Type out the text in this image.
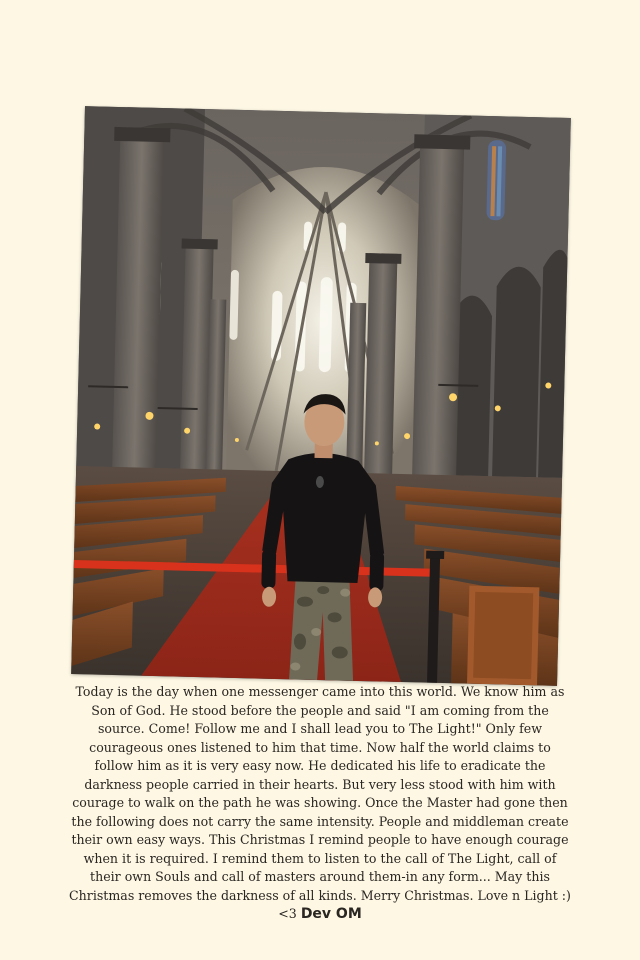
Today is the day when one messenger came into this world. We know him as Son of God. He stood before the people and said "I am coming from the source. Come! Follow me and I shall lead you to The Light!" Only few courageous ones listened to him that time. Now half the world claims to follow him as it is very easy now. He dedicated his life to eradicate the darkness people carried in their hearts. But very less stood with him with courage to walk on the path he was showing. Once the Master had gone then the following does not carry the same intensity. People and middleman create their own easy ways. This Christmas I remind people to have enough courage when it is required. I remind them to listen to the call of The Light, call of their own Souls and call of masters around them-in any form... May this Christmas removes the darkness of all kinds. Merry Christmas. Love n Light :) <3 Dev OM
